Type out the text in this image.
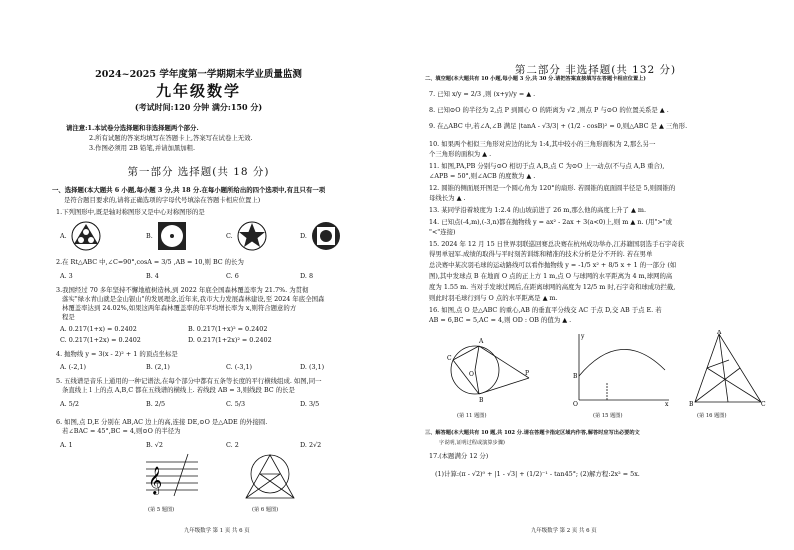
2024~2025 学年度第一学期期末学业质量监测
九年级数学
(考试时间:120 分钟 满分:150 分)
请注意:1.本试卷分选择题和非选择题两个部分.
2.所有试题的答案均填写在答题卡上,答案写在试卷上无效.
3.作图必须用 2B 铅笔,并请加黑加粗.
第一部分 选择题(共 18 分)
一、选择题(本大题共 6 小题,每小题 3 分,共 18 分.在每小题所给出的四个选项中,有且只有一项
是符合题目要求的,请将正确选项的字母代号填涂在答题卡相应位置上)
1.下列图形中,既是轴对称图形又是中心对称图形的是
A.	B.	C.	D.
2.在 Rt△ABC 中,∠C=90°,cosA = 3/5 ,AB = 10,则 BC 的长为
A. 3	B. 4	C. 6	D. 8
3.我国经过 70 多年坚持不懈地植树造林,到 2022 年底全国森林覆盖率为 21.7%. 为贯彻
落实"绿水青山就是金山银山"的发展理念,近年来,我市大力发展森林建设,至 2024 年底全国森
林覆盖率达到 24.02%,如果这两年森林覆盖率的年平均增长率为 x,则符合题意的方
程是
A. 0.217(1+x) = 0.2402	B. 0.217(1+x)² = 0.2402
C. 0.217(1+2x) = 0.2402	D. 0.217(1+2x)² = 0.2402
4. 抛物线 y = 3(x - 2)² + 1 的顶点坐标是
A. (-2,1)	B. (2,1)	C. (-3,1)	D. (3,1)
5. 五线谱是音乐上通用的一种记谱法,在每个部分中都有五条等长度的平行横线组成. 如图,同一
条直线上 l 上的点 A,B,C 都在五线谱的横线上. 若线段 AB = 3,则线段 BC 的长是
A. 5/2	B. 2/5	C. 5/3	D. 3/5
6. 如图,点 D,E 分别在 AB,AC 边上的高,连接 DE,⊙O 是△ADE 的外接圆.
若∠BAC = 45°,BC = 4,则⊙O 的半径为
A. 1	B. √2	C. 2	D. 2√2
𝄞
(第 5 题图)	(第 6 题图)
九年级数学 第 1 页 共 6 页
第二部分 非选择题(共 132 分)
二、填空题(本大题共有 10 小题,每小题 3 分,共 30 分.请把答案直接填写在答题卡相应位置上)
7. 已知 x/y = 2/3 ,则 (x+y)/y = ▲ .
8. 已知⊙O 的半径为 2,点 P 到圆心 O 的距离为 √2 ,则点 P 与⊙O 的位置关系是 ▲ .
9. 在△ABC 中,若∠A,∠B 满足 |tanA - √3/3| + (1/2 - cosB)² = 0,则△ABC 是 ▲ 三角形.
10. 如果两个相似三角形对应边的比为 1:4,其中较小的三角形面积为 2,那么另一
个三角形的面积为 ▲ .
11. 如图,PA,PB 分别与⊙O 相切于点 A,B,点 C 为⊙O 上一动点(不与点 A,B 重合),
∠APB = 50°,则∠ACB 的度数为 ▲ .
12. 圆锥的侧面展开图是一个圆心角为 120°的扇形. 若圆锥的底面圆半径是 5,则圆锥的
母线长为 ▲ .
13. 某同学沿着坡度为 1:2.4 的山坡前进了 26 m,那么他的高度上升了 ▲ m.
14. 已知点(-4,m),(-3,n)都在抛物线 y = ax² - 2ax + 3(a<0)上,则 m ▲ n. (用">"或
"<"连接)
15. 2024 年 12 月 15 日世界羽联巡回赛总决赛在杭州成功举办,江苏籍国羽选手石宇奇获
得男单冠军.成绩的取得与平时刻苦训练和精准的技术分析是分不开的. 若在男单
总决赛中某次羽毛球的运动路线可以看作抛物线 y = -1/5 x² + 8/5 x + 1 的一部分 (如
图),其中发球点 B 在地面 O 点的正上方 1 m,点 O 与球网的水平距离为 4 m,球网的高
度为 1.55 m. 当对手发球过网后,在距离球网的高度为 12/5 m 时,石宇奇和球成功拦截,
则此时羽毛球行到与 O 点的水平距离是 ▲ m.
16. 如图,点 O 是△ABC 的重心,AB 的垂直平分线交 AC 于点 D,交 AB 于点 E. 若
AB = 6,BC = 5,AC = 4,则 OD : OB 的值为 ▲ .
C
A
B
P
O
(第 11 题图)
O
B
x
y
(第 15 题图)
A
B	C
(第 16 题图)
三、解答题(本大题共有 10 题,共 102 分.请在答题卡指定区域内作答,解答时应写出必要的文
字说明,证明过程或演算步骤)
17.(本题满分 12 分)
(1)计算:(π - √2)⁰ + |1 - √3| + (1/2)⁻¹ - tan45°; (2)解方程:2x² = 5x.
九年级数学 第 2 页 共 6 页
